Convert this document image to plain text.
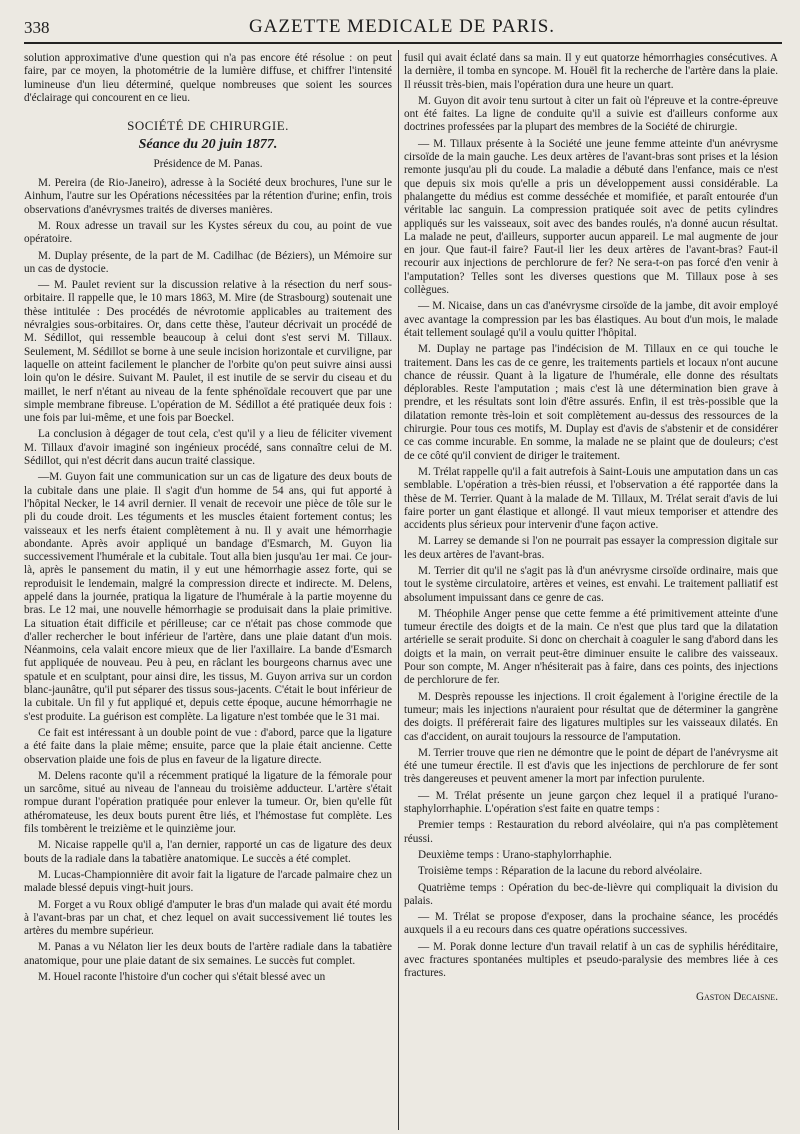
338	GAZETTE MEDICALE DE PARIS.

solution approximative d'une question qui n'a pas encore été résolue : on peut faire, par ce moyen, la photométrie de la lumière diffuse, et chiffrer l'intensité lumineuse d'un lieu déterminé, quelque nombreuses que soient les sources d'éclairage qui concourent en ce lieu.

SOCIÉTÉ DE CHIRURGIE.

Séance du 20 juin 1877.

Présidence de M. Panas.

M. Pereira (de Rio-Janeiro), adresse à la Société deux brochures, l'une sur le Ainhum, l'autre sur les Opérations nécessitées par la rétention d'urine; enfin, trois observations d'anévrysmes traités de diverses manières.

M. Roux adresse un travail sur les Kystes séreux du cou, au point de vue opératoire.

M. Duplay présente, de la part de M. Cadilhac (de Béziers), un Mémoire sur un cas de dystocie.

— M. Paulet revient sur la discussion relative à la résection du nerf sous-orbitaire. Il rappelle que, le 10 mars 1863, M. Mire (de Strasbourg) soutenait une thèse intitulée : Des procédés de névrotomie applicables au traitement des névralgies sous-orbitaires. Or, dans cette thèse, l'auteur décrivait un procédé de M. Sédillot, qui ressemble beaucoup à celui dont s'est servi M. Tillaux. Seulement, M. Sédillot se borne à une seule incision horizontale et curviligne, par laquelle on atteint facilement le plancher de l'orbite qu'on peut suivre ainsi aussi loin qu'on le désire. Suivant M. Paulet, il est inutile de se servir du ciseau et du maillet, le nerf n'étant au niveau de la fente sphénoïdale recouvert que par une simple membrane fibreuse. L'opération de M. Sédillot a été pratiquée deux fois : une fois par lui-même, et une fois par Boeckel.

La conclusion à dégager de tout cela, c'est qu'il y a lieu de féliciter vivement M. Tillaux d'avoir imaginé son ingénieux procédé, sans connaître celui de M. Sédillot, qui n'est décrit dans aucun traité classique.

—M. Guyon fait une communication sur un cas de ligature des deux bouts de la cubitale dans une plaie. Il s'agit d'un homme de 54 ans, qui fut apporté à l'hôpital Necker, le 14 avril dernier. Il venait de recevoir une pièce de tôle sur le pli du coude droit. Les téguments et les muscles étaient fortement contus; les vaisseaux et les nerfs étaient complètement à nu. Il y avait une hémorrhagie abondante. Après avoir appliqué un bandage d'Esmarch, M. Guyon lia successivement l'humérale et la cubitale. Tout alla bien jusqu'au 1er mai. Ce jour-là, après le pansement du matin, il y eut une hémorrhagie assez forte, qui se reproduisit le lendemain, malgré la compression directe et indirecte. M. Delens, appelé dans la journée, pratiqua la ligature de l'humérale à la partie moyenne du bras. Le 12 mai, une nouvelle hémorrhagie se produisait dans la plaie primitive. La situation était difficile et périlleuse; car ce n'était pas chose commode que d'aller rechercher le bout inférieur de l'artère, dans une plaie datant d'un mois. Néanmoins, cela valait encore mieux que de lier l'axillaire. La bande d'Esmarch fut appliquée de nouveau. Peu à peu, en râclant les bourgeons charnus avec une spatule et en sculptant, pour ainsi dire, les tissus, M. Guyon arriva sur un cordon blanc-jaunâtre, qu'il put séparer des tissus sous-jacents. C'était le bout inférieur de la cubitale. Un fil y fut appliqué et, depuis cette époque, aucune hémorrhagie ne s'est produite. La guérison est complète. La ligature n'est tombée que le 31 mai.

Ce fait est intéressant à un double point de vue : d'abord, parce que la ligature a été faite dans la plaie même; ensuite, parce que la plaie était ancienne. Cette observation plaide une fois de plus en faveur de la ligature directe.

M. Delens raconte qu'il a récemment pratiqué la ligature de la fémorale pour un sarcôme, situé au niveau de l'anneau du troisième adducteur. L'artère s'était rompue durant l'opération pratiquée pour enlever la tumeur. Or, bien qu'elle fût athéromateuse, les deux bouts purent être liés, et l'hémostase fut complète. Les fils tombèrent le treizième et le quinzième jour.

M. Nicaise rappelle qu'il a, l'an dernier, rapporté un cas de ligature des deux bouts de la radiale dans la tabatière anatomique. Le succès a été complet.

M. Lucas-Championnière dit avoir fait la ligature de l'arcade palmaire chez un malade blessé depuis vingt-huit jours.

M. Forget a vu Roux obligé d'amputer le bras d'un malade qui avait été mordu à l'avant-bras par un chat, et chez lequel on avait successivement lié toutes les artères du membre supérieur.

M. Panas a vu Nélaton lier les deux bouts de l'artère radiale dans la tabatière anatomique, pour une plaie datant de six semaines. Le succès fut complet.

M. Houel raconte l'histoire d'un cocher qui s'était blessé avec un

fusil qui avait éclaté dans sa main. Il y eut quatorze hémorrhagies consécutives. A la dernière, il tomba en syncope. M. Houël fit la recherche de l'artère dans la plaie. Il réussit très-bien, mais l'opération dura une heure un quart.

M. Guyon dit avoir tenu surtout à citer un fait où l'épreuve et la contre-épreuve ont été faites. La ligne de conduite qu'il a suivie est d'ailleurs conforme aux doctrines professées par la plupart des membres de la Société de chirurgie.

— M. Tillaux présente à la Société une jeune femme atteinte d'un anévrysme cirsoïde de la main gauche. Les deux artères de l'avant-bras sont prises et la lésion remonte jusqu'au pli du coude. La maladie a débuté dans l'enfance, mais ce n'est que depuis six mois qu'elle a pris un développement aussi considérable. La phalangette du médius est comme desséchée et momifiée, et paraît entourée d'un véritable lac sanguin. La compression pratiquée soit avec de petits cylindres appliqués sur les vaisseaux, soit avec des bandes roulés, n'a donné aucun résultat. La malade ne peut, d'ailleurs, supporter aucun appareil. Le mal augmente de jour en jour. Que faut-il faire? Faut-il lier les deux artères de l'avant-bras? Faut-il recourir aux injections de perchlorure de fer? Ne sera-t-on pas forcé d'en venir à l'amputation? Telles sont les diverses questions que M. Tillaux pose à ses collègues.

— M. Nicaise, dans un cas d'anévrysme cirsoïde de la jambe, dit avoir employé avec avantage la compression par les bas élastiques. Au bout d'un mois, le malade était tellement soulagé qu'il a voulu quitter l'hôpital.

M. Duplay ne partage pas l'indécision de M. Tillaux en ce qui touche le traitement. Dans les cas de ce genre, les traitements partiels et locaux n'ont aucune chance de réussir. Quant à la ligature de l'humérale, elle donne des résultats déplorables. Reste l'amputation ; mais c'est là une détermination bien grave à prendre, et les résultats sont loin d'être assurés. Enfin, il est très-possible que la dilatation remonte très-loin et soit complètement au-dessus des ressources de la chirurgie. Pour tous ces motifs, M. Duplay est d'avis de s'abstenir et de considérer ce cas comme incurable. En somme, la malade ne se plaint que de douleurs; c'est de ce côté qu'il convient de diriger le traitement.

M. Trélat rappelle qu'il a fait autrefois à Saint-Louis une amputation dans un cas semblable. L'opération a très-bien réussi, et l'observation a été rapportée dans la thèse de M. Terrier. Quant à la malade de M. Tillaux, M. Trélat serait d'avis de lui faire porter un gant élastique et allongé. Il vaut mieux temporiser et attendre des accidents plus sérieux pour intervenir d'une façon active.

M. Larrey se demande si l'on ne pourrait pas essayer la compression digitale sur les deux artères de l'avant-bras.

M. Terrier dit qu'il ne s'agit pas là d'un anévrysme cirsoïde ordinaire, mais que tout le système circulatoire, artères et veines, est envahi. Le traitement palliatif est absolument impuissant dans ce genre de cas.

M. Théophile Anger pense que cette femme a été primitivement atteinte d'une tumeur érectile des doigts et de la main. Ce n'est que plus tard que la dilatation artérielle se serait produite. Si donc on cherchait à coaguler le sang d'abord dans les doigts et la main, on verrait peut-être diminuer ensuite le calibre des vaisseaux. Pour son compte, M. Anger n'hésiterait pas à faire, dans ces points, des injections de perchlorure de fer.

M. Desprès repousse les injections. Il croit également à l'origine érectile de la tumeur; mais les injections n'auraient pour résultat que de déterminer la gangrène des doigts. Il préférerait faire des ligatures multiples sur les vaisseaux dilatés. En cas d'accident, on aurait toujours la ressource de l'amputation.

M. Terrier trouve que rien ne démontre que le point de départ de l'anévrysme ait été une tumeur érectile. Il est d'avis que les injections de perchlorure de fer sont très dangereuses et peuvent amener la mort par infection purulente.

— M. Trélat présente un jeune garçon chez lequel il a pratiqué l'urano-staphylorrhaphie. L'opération s'est faite en quatre temps :

Premier temps : Restauration du rebord alvéolaire, qui n'a pas complètement réussi.

Deuxième temps : Urano-staphylorrhaphie.

Troisième temps : Réparation de la lacune du rebord alvéolaire.

Quatrième temps : Opération du bec-de-lièvre qui compliquait la division du palais.

— M. Trélat se propose d'exposer, dans la prochaine séance, les procédés auxquels il a eu recours dans ces quatre opérations successives.

— M. Porak donne lecture d'un travail relatif à un cas de syphilis héréditaire, avec fractures spontanées multiples et pseudo-paralysie des membres liée à ces fractures.

Gaston Decaisne.
